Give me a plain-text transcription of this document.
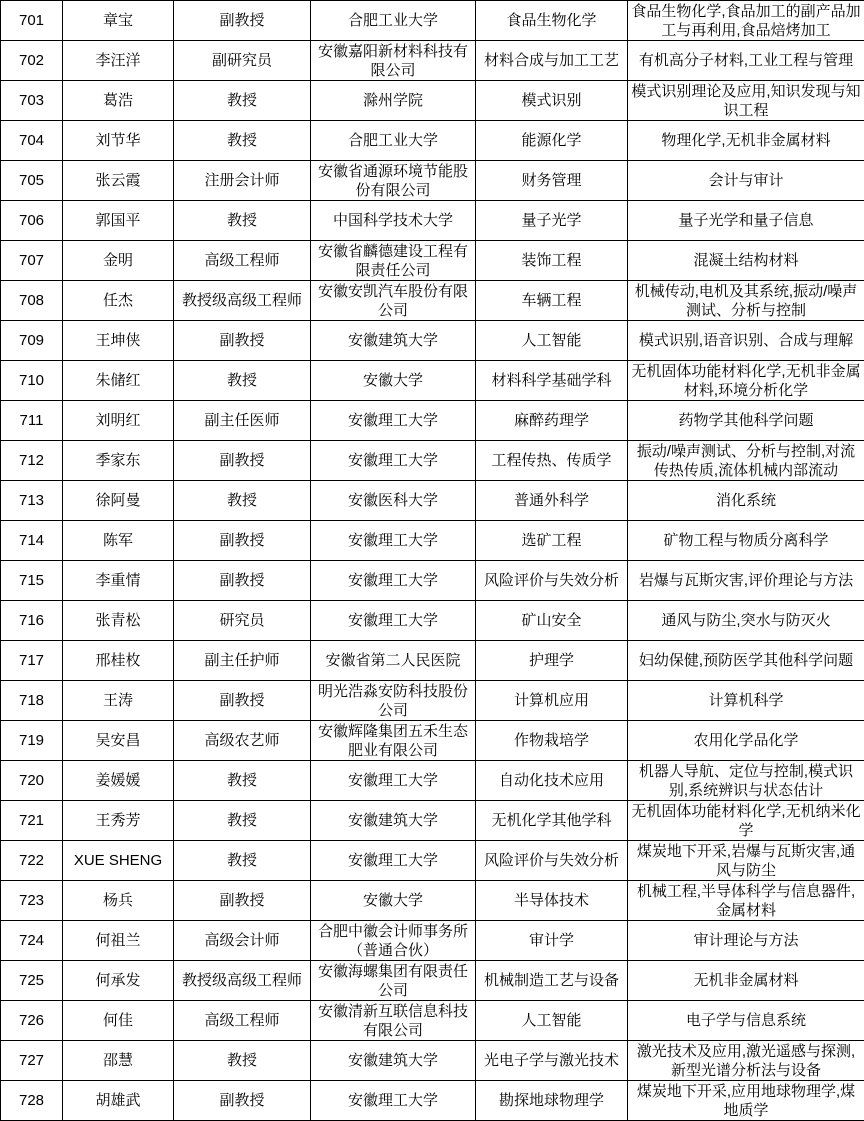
701	章宝	副教授	合肥工业大学	食品生物化学	食品生物化学,食品加工的副产品加工与再利用,食品焙烤加工
702	李汪洋	副研究员	安徽嘉阳新材料科技有限公司	材料合成与加工工艺	有机高分子材料,工业工程与管理
703	葛浩	教授	滁州学院	模式识别	模式识别理论及应用,知识发现与知识工程
704	刘节华	教授	合肥工业大学	能源化学	物理化学,无机非金属材料
705	张云霞	注册会计师	安徽省通源环境节能股份有限公司	财务管理	会计与审计
706	郭国平	教授	中国科学技术大学	量子光学	量子光学和量子信息
707	金明	高级工程师	安徽省麟德建设工程有限责任公司	装饰工程	混凝土结构材料
708	任杰	教授级高级工程师	安徽安凯汽车股份有限公司	车辆工程	机械传动,电机及其系统,振动/噪声测试、分析与控制
709	王坤侠	副教授	安徽建筑大学	人工智能	模式识别,语音识别、合成与理解
710	朱储红	教授	安徽大学	材料科学基础学科	无机固体功能材料化学,无机非金属材料,环境分析化学
711	刘明红	副主任医师	安徽理工大学	麻醉药理学	药物学其他科学问题
712	季家东	副教授	安徽理工大学	工程传热、传质学	振动/噪声测试、分析与控制,对流传热传质,流体机械内部流动
713	徐阿曼	教授	安徽医科大学	普通外科学	消化系统
714	陈军	副教授	安徽理工大学	选矿工程	矿物工程与物质分离科学
715	李重情	副教授	安徽理工大学	风险评价与失效分析	岩爆与瓦斯灾害,评价理论与方法
716	张青松	研究员	安徽理工大学	矿山安全	通风与防尘,突水与防灭火
717	邢桂枚	副主任护师	安徽省第二人民医院	护理学	妇幼保健,预防医学其他科学问题
718	王涛	副教授	明光浩淼安防科技股份公司	计算机应用	计算机科学
719	吴安昌	高级农艺师	安徽辉隆集团五禾生态肥业有限公司	作物栽培学	农用化学品化学
720	姜媛媛	教授	安徽理工大学	自动化技术应用	机器人导航、定位与控制,模式识别,系统辨识与状态估计
721	王秀芳	教授	安徽建筑大学	无机化学其他学科	无机固体功能材料化学,无机纳米化学
722	XUE SHENG	教授	安徽理工大学	风险评价与失效分析	煤炭地下开采,岩爆与瓦斯灾害,通风与防尘
723	杨兵	副教授	安徽大学	半导体技术	机械工程,半导体科学与信息器件,金属材料
724	何祖兰	高级会计师	合肥中徽会计师事务所（普通合伙）	审计学	审计理论与方法
725	何承发	教授级高级工程师	安徽海螺集团有限责任公司	机械制造工艺与设备	无机非金属材料
726	何佳	高级工程师	安徽清新互联信息科技有限公司	人工智能	电子学与信息系统
727	邵慧	教授	安徽建筑大学	光电子学与激光技术	激光技术及应用,激光遥感与探测,新型光谱分析法与设备
728	胡雄武	副教授	安徽理工大学	勘探地球物理学	煤炭地下开采,应用地球物理学,煤地质学
